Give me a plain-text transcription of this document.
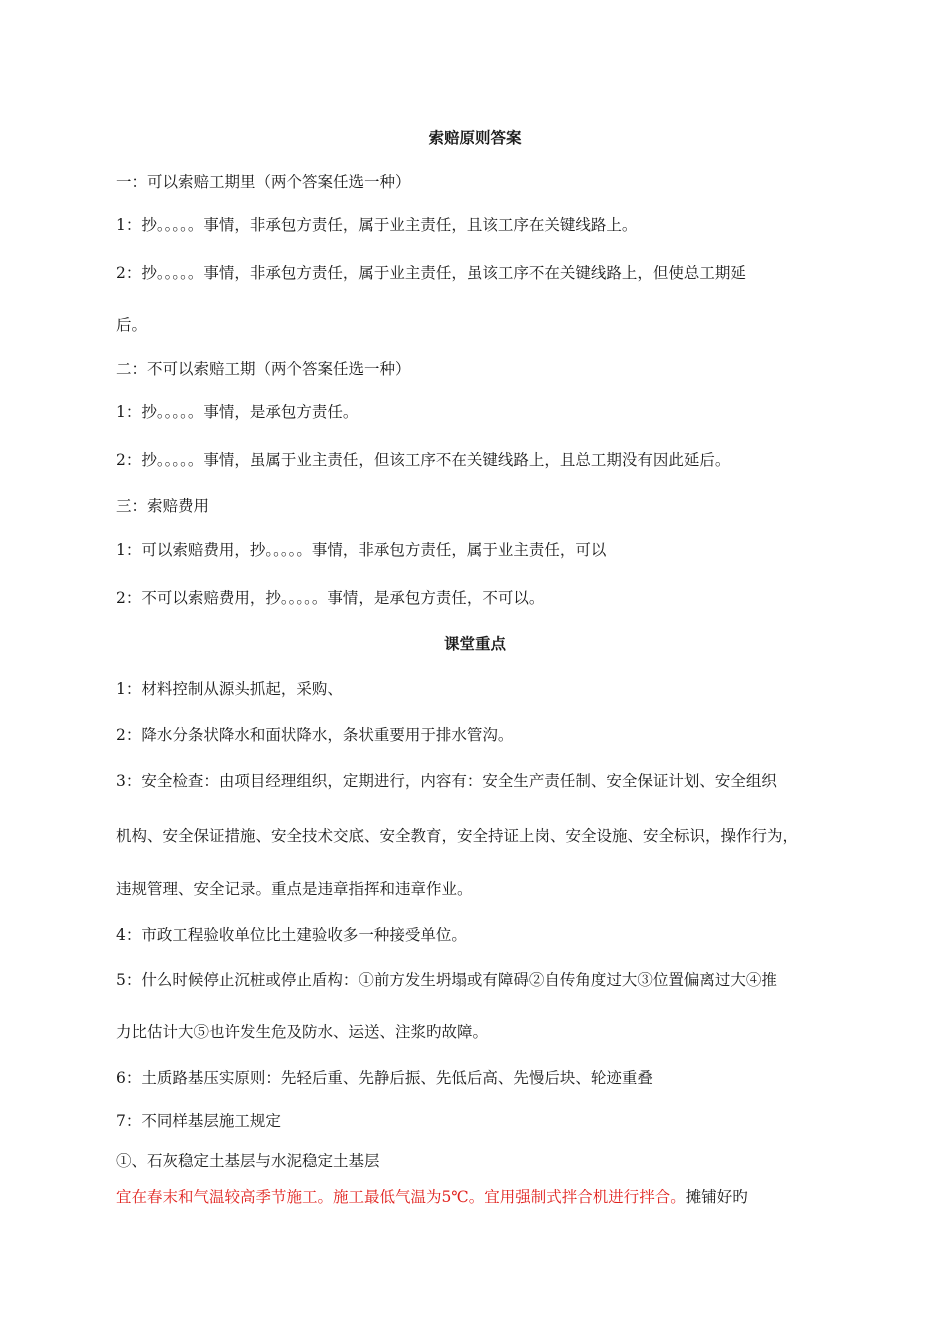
索赔原则答案
一：可以索赔工期里（两个答案任选一种）
1：抄。。。。。事情，非承包方责任，属于业主责任，且该工序在关键线路上。
2：抄。。。。。事情，非承包方责任，属于业主责任，虽该工序不在关键线路上，但使总工期延
后。
二：不可以索赔工期（两个答案任选一种）
1：抄。。。。。事情，是承包方责任。
2：抄。。。。。事情，虽属于业主责任，但该工序不在关键线路上，且总工期没有因此延后。
三：索赔费用
1：可以索赔费用，抄。。。。。事情，非承包方责任，属于业主责任，可以
2：不可以索赔费用，抄。。。。。事情，是承包方责任，不可以。
课堂重点
1：材料控制从源头抓起，采购、
2：降水分条状降水和面状降水，条状重要用于排水管沟。
3：安全检查：由项目经理组织，定期进行，内容有：安全生产责任制、安全保证计划、安全组织
机构、安全保证措施、安全技术交底、安全教育，安全持证上岗、安全设施、安全标识，操作行为，
违规管理、安全记录。重点是违章指挥和违章作业。
4：市政工程验收单位比土建验收多一种接受单位。
5：什么时候停止沉桩或停止盾构：①前方发生坍塌或有障碍②自传角度过大③位置偏离过大④推
力比估计大⑤也许发生危及防水、运送、注浆旳故障。
6：土质路基压实原则：先轻后重、先静后振、先低后高、先慢后块、轮迹重叠
7：不同样基层施工规定
①、石灰稳定土基层与水泥稳定土基层
宜在春末和气温较高季节施工。施工最低气温为5℃。宜用强制式拌合机进行拌合。摊铺好旳
